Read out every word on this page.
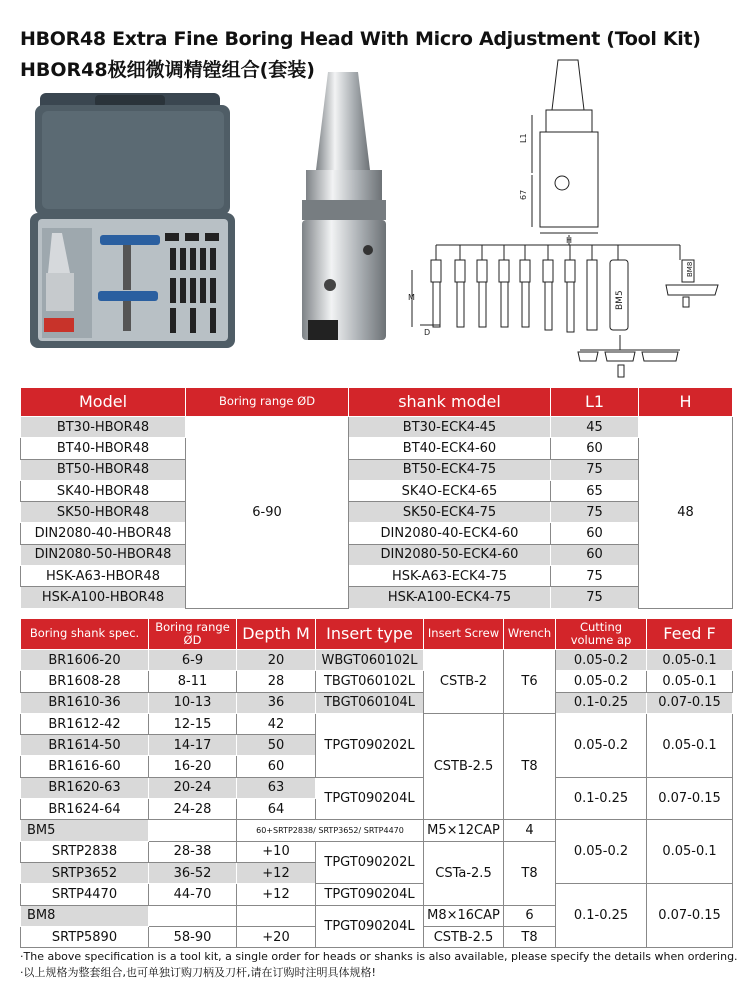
HBOR48 Extra Fine Boring Head With Micro Adjustment (Tool Kit)
HBOR48极细微调精镗组合(套装)
L1
67
H
M
D
BM5
BM8
Model	Boring range ØD	shank model	L1	H
BT30-HBOR48	6-90	BT30-ECK4-45	45	48
BT40-HBOR48		BT40-ECK4-60	60	
BT50-HBOR48		BT50-ECK4-75	75	
SK40-HBOR48		SK4O-ECK4-65	65	
SK50-HBOR48		SK50-ECK4-75	75	
DIN2080-40-HBOR48		DIN2080-40-ECK4-60	60	
DIN2080-50-HBOR48		DIN2080-50-ECK4-60	60	
HSK-A63-HBOR48		HSK-A63-ECK4-75	75	
HSK-A100-HBOR48		HSK-A100-ECK4-75	75	
Boring shank spec.	Boring range ØD	Depth M	Insert type	Insert Screw	Wrench	Cutting volume ap	Feed F
BR1606-20	6-9	20	WBGT060102L	CSTB-2	T6	0.05-0.2	0.05-0.1
BR1608-28	8-11	28	TBGT060102L			0.05-0.2	0.05-0.1
BR1610-36	10-13	36	TBGT060104L			0.1-0.25	0.07-0.15
BR1612-42	12-15	42	TPGT090202L	CSTB-2.5	T8	0.05-0.2	0.05-0.1
BR1614-50	14-17	50					
BR1616-60	16-20	60					
BR1620-63	20-24	63	TPGT090204L			0.1-0.25	0.07-0.15
BR1624-64	24-28	64					
BM5		60+SRTP2838/ SRTP3652/ SRTP4470		M5×12CAP	4	0.05-0.2	0.05-0.1
SRTP2838	28-38	+10	TPGT090202L	CSTa-2.5	T8		
SRTP3652	36-52	+12					
SRTP4470	44-70	+12	TPGT090204L			0.1-0.25	0.07-0.15
BM8			TPGT090204L	M8×16CAP	6		
SRTP5890	58-90	+20		CSTB-2.5	T8		
·The above specification is a tool kit, a single order for heads or shanks is also available, please specify the details when ordering.
·以上规格为整套组合,也可单独订购刀柄及刀杆,请在订购时注明具体规格!
